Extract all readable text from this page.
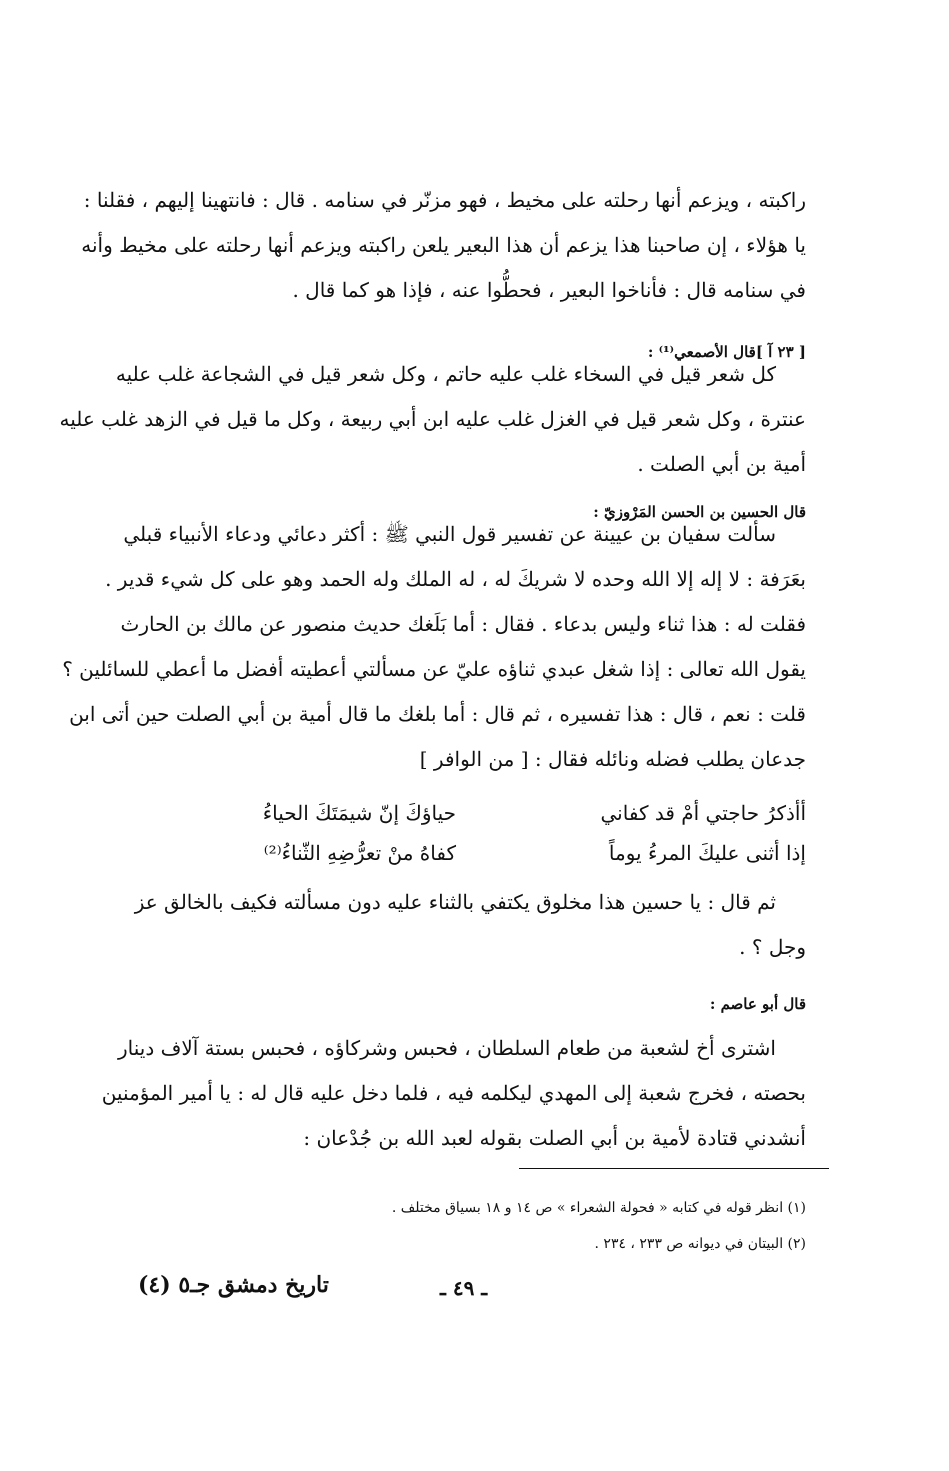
راكبته ، ويزعم أنها رحلته على مخيط ، فهو مزنّر في سنامه . قال : فانتهينا إليهم ، فقلنا :
يا هؤلاء ، إن صاحبنا هذا يزعم أن هذا البعير يلعن راكبته ويزعم أنها رحلته على مخيط وأنه
في سنامه قال : فأناخوا البعير ، فحطُّوا عنه ، فإذا هو كما قال .
[ ٢٣ آ ]قال الأصمعي⁽¹⁾ :
كل شعر قيل في السخاء غلب عليه حاتم ، وكل شعر قيل في الشجاعة غلب عليه
عنترة ، وكل شعر قيل في الغزل غلب عليه ابن أبي ربيعة ، وكل ما قيل في الزهد غلب عليه
أمية بن أبي الصلت .
قال الحسين بن الحسن المَرْوزيّ :
سألت سفيان بن عيينة عن تفسير قول النبي ﷺ : أكثر دعائي ودعاء الأنبياء قبلي
بعَرَفة : لا إله إلا الله وحده لا شريكَ له ، له الملك وله الحمد وهو على كل شيء قدير .
فقلت له : هذا ثناء وليس بدعاء . فقال : أما بَلَغك حديث منصور عن مالك بن الحارث
يقول الله تعالى : إذا شغل عبدي ثناؤه عليّ عن مسألتي أعطيته أفضل ما أعطي للسائلين ؟
قلت : نعم ، قال : هذا تفسيره ، ثم قال : أما بلغك ما قال أمية بن أبي الصلت حين أتى ابن
جدعان يطلب فضله ونائله فقال : [ من الوافر ]
أأذكرُ حاجتي أمْ قد كفاني
حياؤكَ إنّ شيمَتَكَ الحياءُ
إذا أثنى عليكَ المرءُ يوماً
كفاهُ منْ تعرُّضِهِ الثّناءُ⁽²⁾
ثم قال : يا حسين هذا مخلوق يكتفي بالثناء عليه دون مسألته فكيف بالخالق عز
وجل ؟ .
قال أبو عاصم :
اشترى أخ لشعبة من طعام السلطان ، فحبس وشركاؤه ، فحبس بستة آلاف دينار
بحصته ، فخرج شعبة إلى المهدي ليكلمه فيه ، فلما دخل عليه قال له : يا أمير المؤمنين
أنشدني قتادة لأمية بن أبي الصلت بقوله لعبد الله بن جُدْعان :
(١) انظر قوله في كتابه « فحولة الشعراء » ص ١٤ و ١٨ بسياق مختلف .
(٢) البيتان في ديوانه ص ٢٣٣ ، ٢٣٤ .
تاريخ دمشق جـ٥ (٤)	ـ ٤٩ ـ
